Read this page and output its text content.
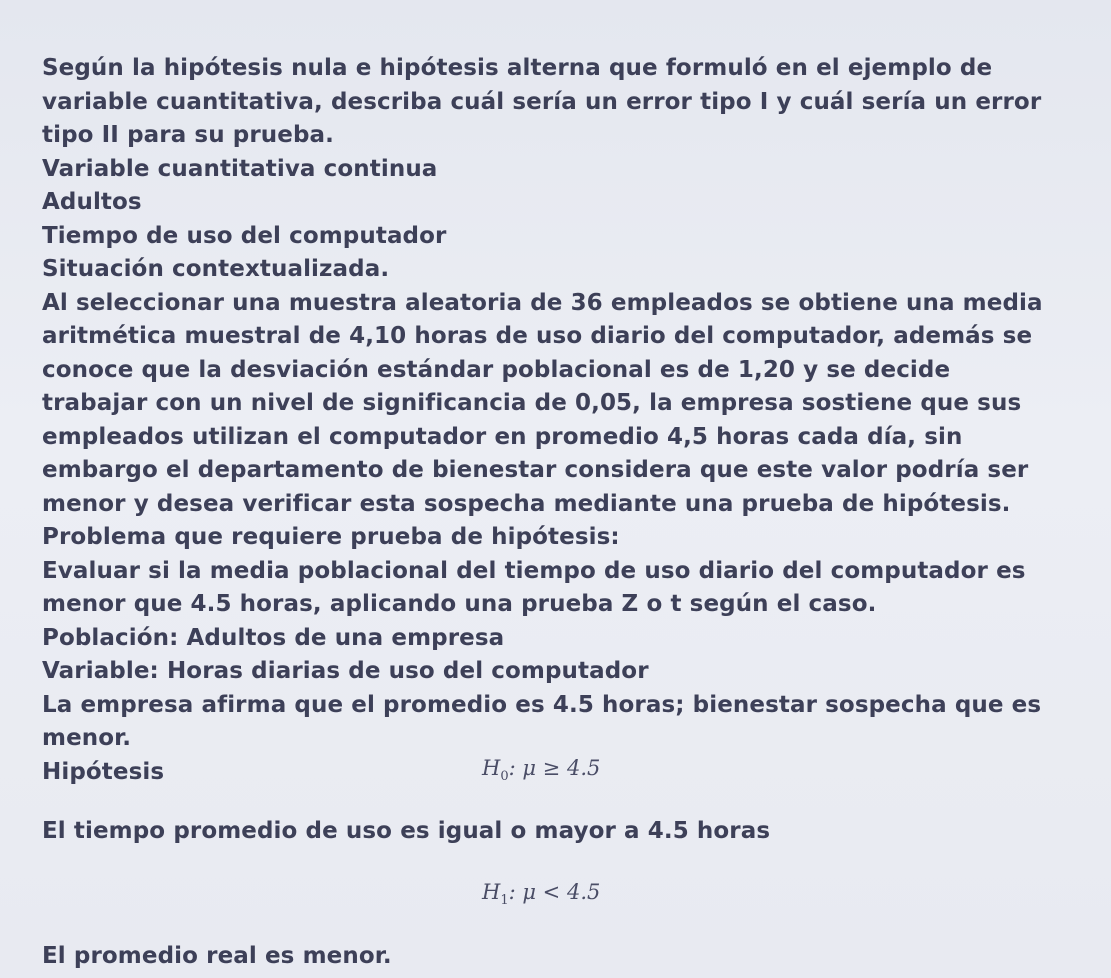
Según la hipótesis nula e hipótesis alterna que formuló en el ejemplo de
variable cuantitativa, describa cuál sería un error tipo I y cuál sería un error
tipo II para su prueba.
Variable cuantitativa continua
Adultos
Tiempo de uso del computador
Situación contextualizada.
Al seleccionar una muestra aleatoria de 36 empleados se obtiene una media
aritmética muestral de 4,10 horas de uso diario del computador, además se
conoce que la desviación estándar poblacional es de 1,20 y se decide
trabajar con un nivel de significancia de 0,05, la empresa sostiene que sus
empleados utilizan el computador en promedio 4,5 horas cada día, sin
embargo el departamento de bienestar considera que este valor podría ser
menor y desea verificar esta sospecha mediante una prueba de hipótesis.
Problema que requiere prueba de hipótesis:
Evaluar si la media poblacional del tiempo de uso diario del computador es
menor que 4.5 horas, aplicando una prueba Z o t según el caso.
Población: Adultos de una empresa
Variable: Horas diarias de uso del computador
La empresa afirma que el promedio es 4.5 horas; bienestar sospecha que es
menor.
Hipótesis	$H_0$: μ ≥ 4.5
El tiempo promedio de uso es igual o mayor a 4.5 horas
$H_1$: μ < 4.5
El promedio real es menor.
